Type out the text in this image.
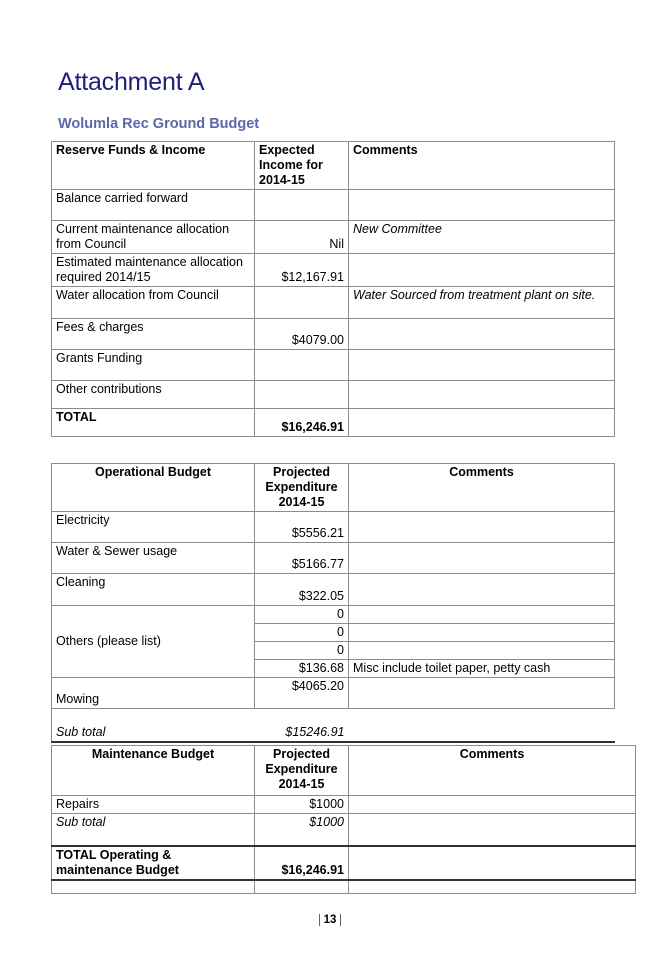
Attachment A
Wolumla Rec Ground Budget
Reserve Funds & Income	Expected Income for 2014-15	Comments
Balance carried forward		
Current maintenance allocation from Council	Nil	New Committee
Estimated maintenance allocation required 2014/15	$12,167.91	
Water allocation from Council		Water Sourced from treatment plant on site.
Fees & charges	$4079.00	
Grants Funding		
Other contributions		
TOTAL	$16,246.91	
Operational Budget	Projected Expenditure 2014-15	Comments
Electricity	$5556.21	
Water & Sewer usage	$5166.77	
Cleaning	$322.05	
Others (please list)	0	
	0	
	0	
	$136.68	Misc include toilet paper, petty cash
Mowing	$4065.20	
Sub total	$15246.91	
Maintenance Budget	Projected Expenditure 2014-15	Comments
Repairs	$1000	
Sub total	$1000	
TOTAL Operating & maintenance Budget	$16,246.91	

13
